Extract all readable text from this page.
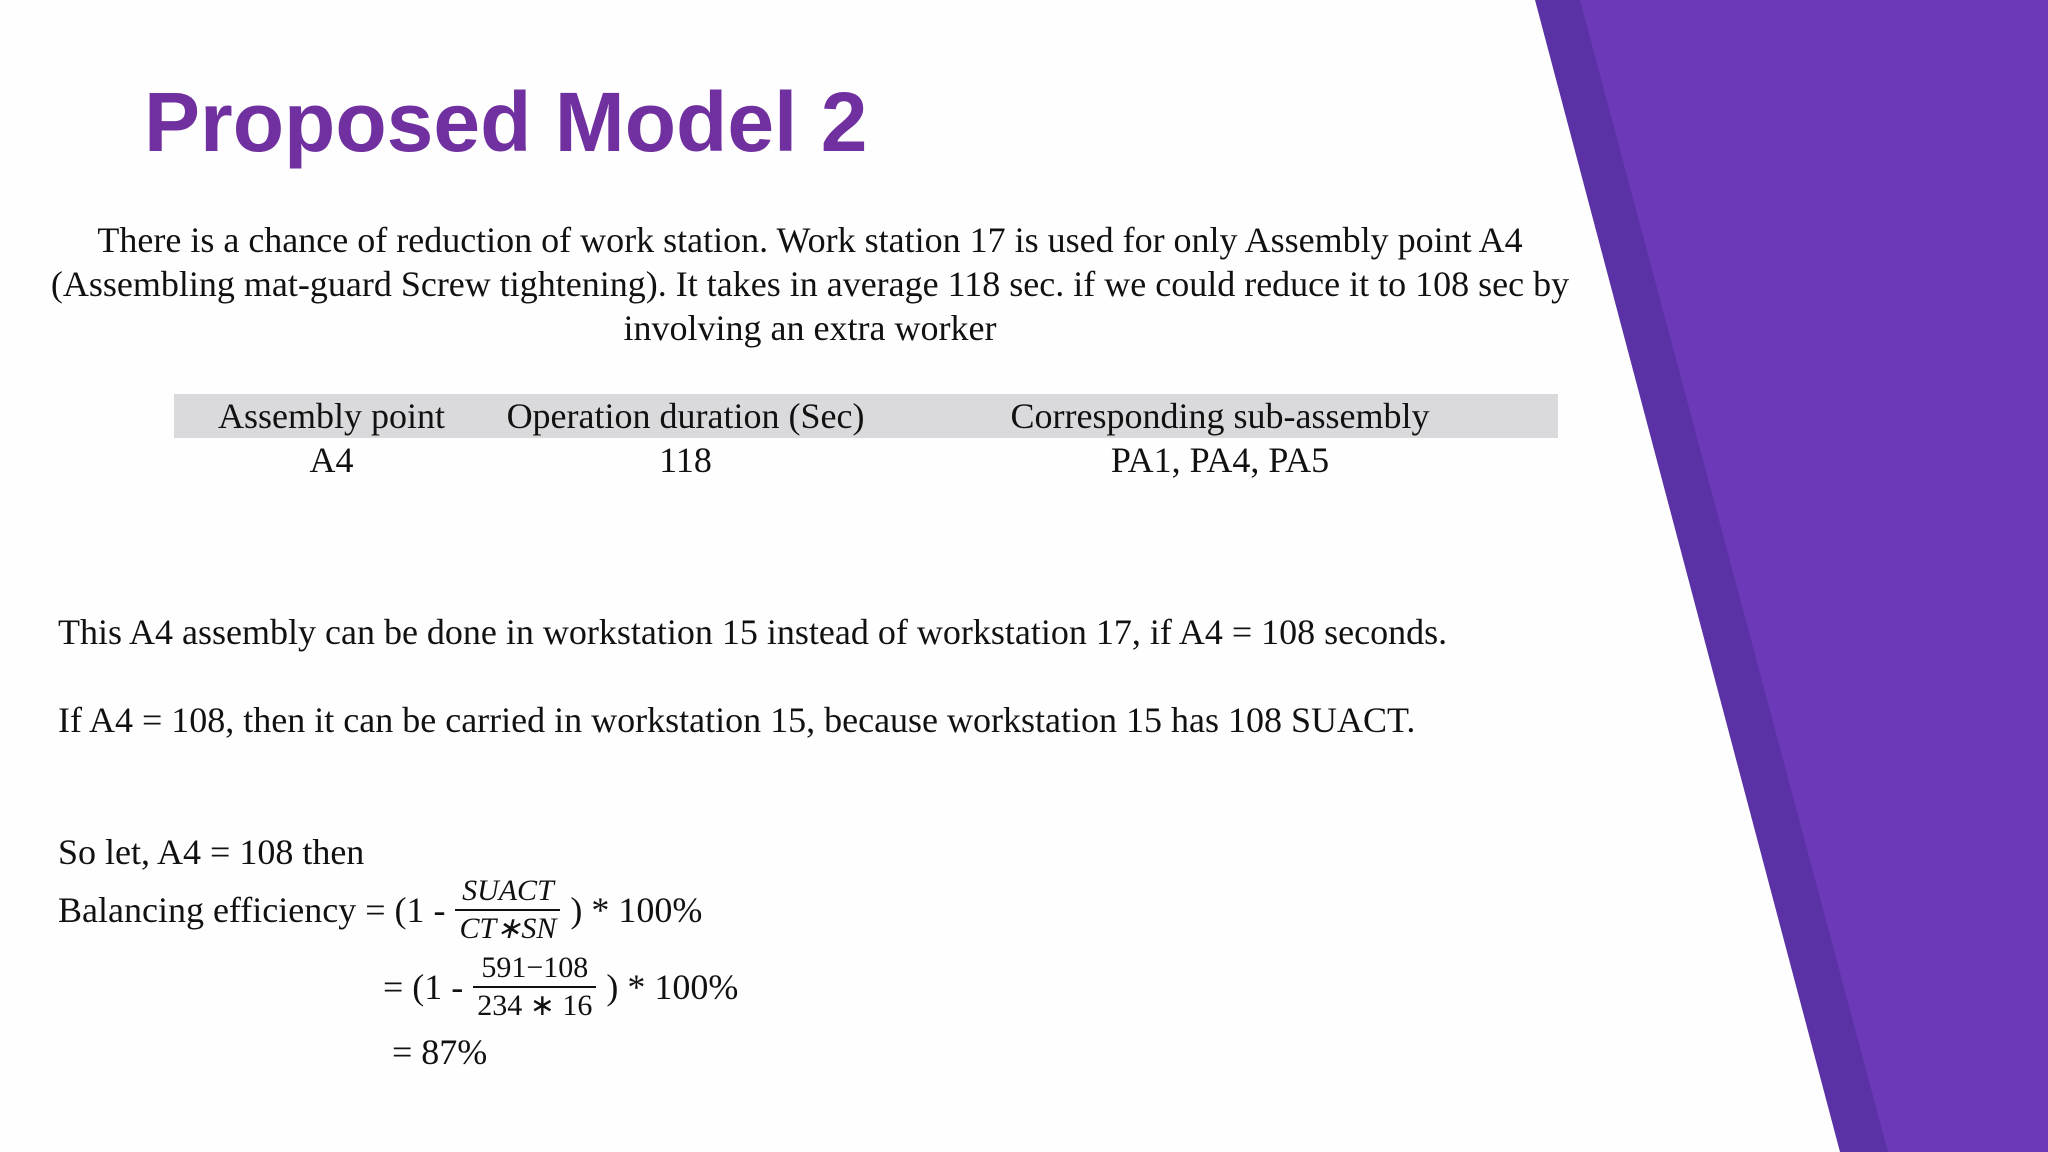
Proposed Model 2
There is a chance of reduction of work station. Work station 17 is used for only Assembly point A4 (Assembling mat-guard Screw tightening). It takes in average 118 sec. if we could reduce it to 108 sec by involving an extra worker
Assembly point	Operation duration (Sec)	Corresponding sub-assembly
A4	118	PA1, PA4, PA5
This A4 assembly can be done in workstation 15 instead of workstation 17, if A4 = 108 seconds.
If A4 = 108, then it can be carried in workstation 15, because workstation 15 has 108 SUACT.
So let, A4 = 108 then
Balancing efficiency = ($1 - \frac{\text{SUACT}}{CT∗SN}$ ) * 100%
= ($1 - \frac{591-108}{234 ∗ 16}$ ) * 100%
= 87%
